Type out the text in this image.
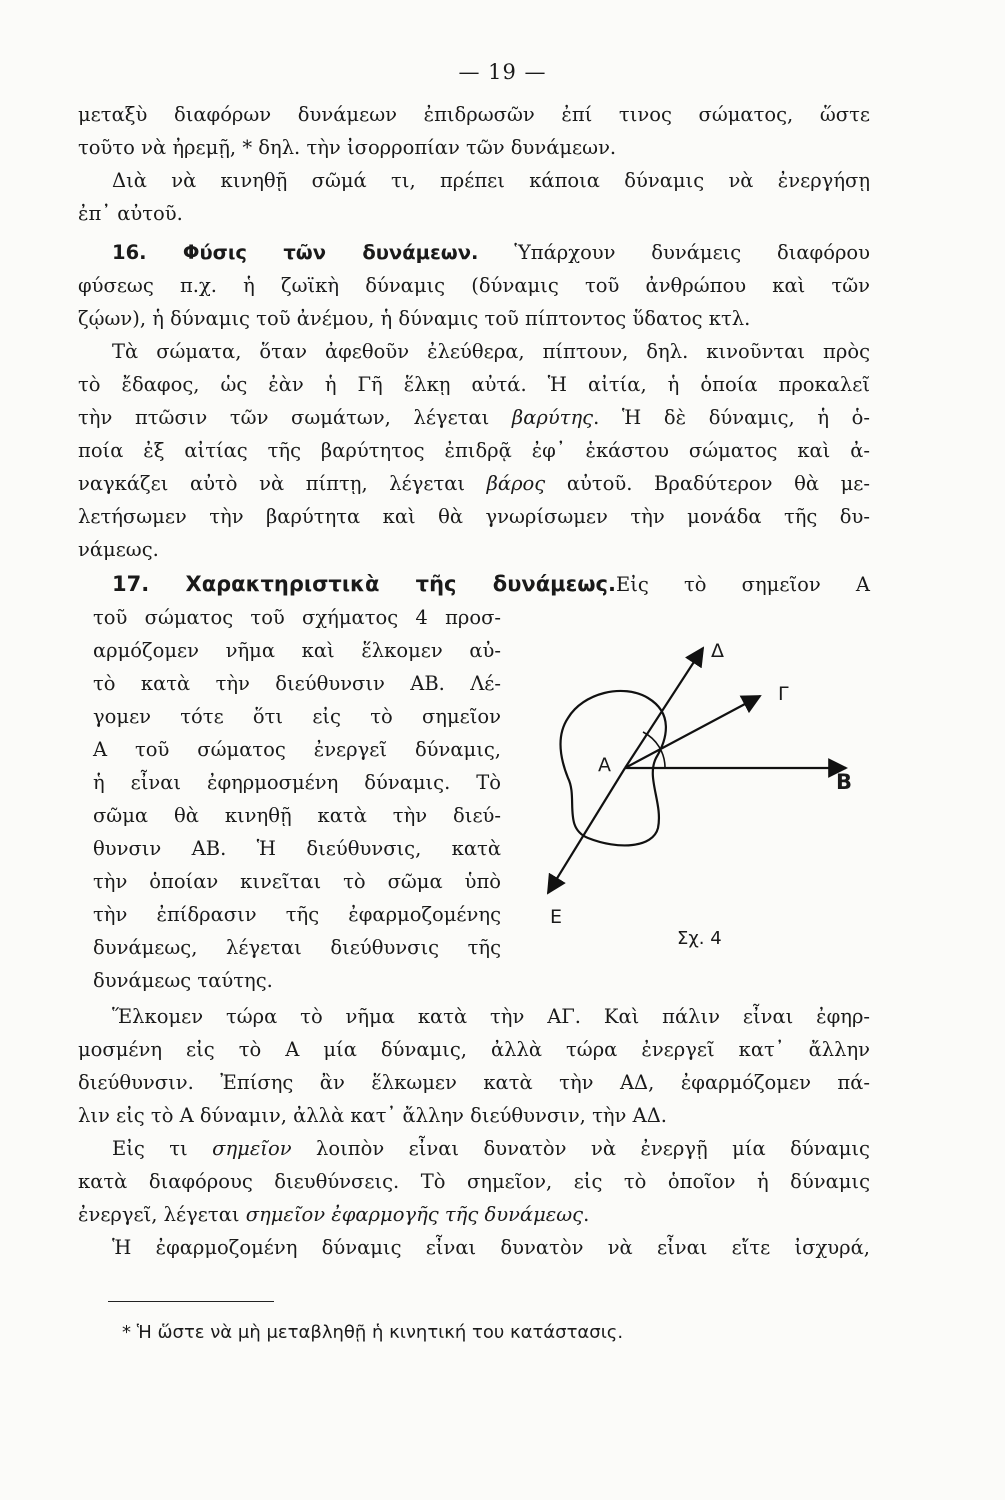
— 19 —
μεταξὺ διαφόρων δυνάμεων ἐπιδρωσῶν ἐπί τινος σώματος, ὥστε
τοῦτο νὰ ἠρεμῇ, * δηλ. τὴν ἰσορροπίαν τῶν δυνάμεων.
Διὰ νὰ κινηθῇ σῶμά τι, πρέπει κάποια δύναμις νὰ ἐνεργήσῃ
ἐπ᾽ αὐτοῦ.
16. Φύσις τῶν δυνάμεων. Ὑπάρχουν δυνάμεις διαφόρου
φύσεως π.χ. ἡ ζωϊκὴ δύναμις (δύναμις τοῦ ἀνθρώπου καὶ τῶν
ζῴων), ἡ δύναμις τοῦ ἀνέμου, ἡ δύναμις τοῦ πίπτοντος ὕδατος κτλ.
Τὰ σώματα, ὅταν ἀφεθοῦν ἐλεύθερα, πίπτουν, δηλ. κινοῦνται πρὸς
τὸ ἔδαφος, ὡς ἐὰν ἡ Γῆ ἕλκῃ αὐτά. Ἡ αἰτία, ἡ ὁποία προκαλεῖ
τὴν πτῶσιν τῶν σωμάτων, λέγεται βαρύτης. Ἡ δὲ δύναμις, ἡ ὁ-
ποία ἐξ αἰτίας τῆς βαρύτητος ἐπιδρᾷ ἐφ᾽ ἑκάστου σώματος καὶ ἀ-
ναγκάζει αὐτὸ νὰ πίπτῃ, λέγεται βάρος αὐτοῦ. Βραδύτερον θὰ με-
λετήσωμεν τὴν βαρύτητα καὶ θὰ γνωρίσωμεν τὴν μονάδα τῆς δυ-
νάμεως.
17. Χαρακτηριστικὰ τῆς δυνάμεως.Εἰς τὸ σημεῖον Α
τοῦ σώματος τοῦ σχήματος 4 προσ-
αρμόζομεν νῆμα καὶ ἕλκομεν αὐ-
τὸ κατὰ τὴν διεύθυνσιν ΑΒ. Λέ-
γομεν τότε ὅτι εἰς τὸ σημεῖον
Α τοῦ σώματος ἐνεργεῖ δύναμις,
ἡ εἶναι ἐφηρμοσμένη δύναμις. Τὸ
σῶμα θὰ κινηθῇ κατὰ τὴν διεύ-
θυνσιν ΑΒ. Ἡ διεύθυνσις, κατὰ
τὴν ὁποίαν κινεῖται τὸ σῶμα ὑπὸ
τὴν ἐπίδρασιν τῆς ἐφαρμοζομένης
δυνάμεως, λέγεται διεύθυνσις τῆς
δυνάμεως ταύτης.
Α
Β
Γ
Δ
Ε
Σχ. 4
Ἕλκομεν τώρα τὸ νῆμα κατὰ τὴν ΑΓ. Καὶ πάλιν εἶναι ἐφηρ-
μοσμένη εἰς τὸ Α μία δύναμις, ἀλλὰ τώρα ἐνεργεῖ κατ᾽ ἄλλην
διεύθυνσιν. Ἐπίσης ἂν ἕλκωμεν κατὰ τὴν ΑΔ, ἐφαρμόζομεν πά-
λιν εἰς τὸ Α δύναμιν, ἀλλὰ κατ᾽ ἄλλην διεύθυνσιν, τὴν ΑΔ.
Εἰς τι σημεῖον λοιπὸν εἶναι δυνατὸν νὰ ἐνεργῇ μία δύναμις
κατὰ διαφόρους διευθύνσεις. Τὸ σημεῖον, εἰς τὸ ὁποῖον ἡ δύναμις
ἐνεργεῖ, λέγεται σημεῖον ἐφαρμογῆς τῆς δυνάμεως.
Ἡ ἐφαρμοζομένη δύναμις εἶναι δυνατὸν νὰ εἶναι εἴτε ἰσχυρά,
* Ἡ ὥστε νὰ μὴ μεταβληθῇ ἡ κινητική του κατάστασις.
